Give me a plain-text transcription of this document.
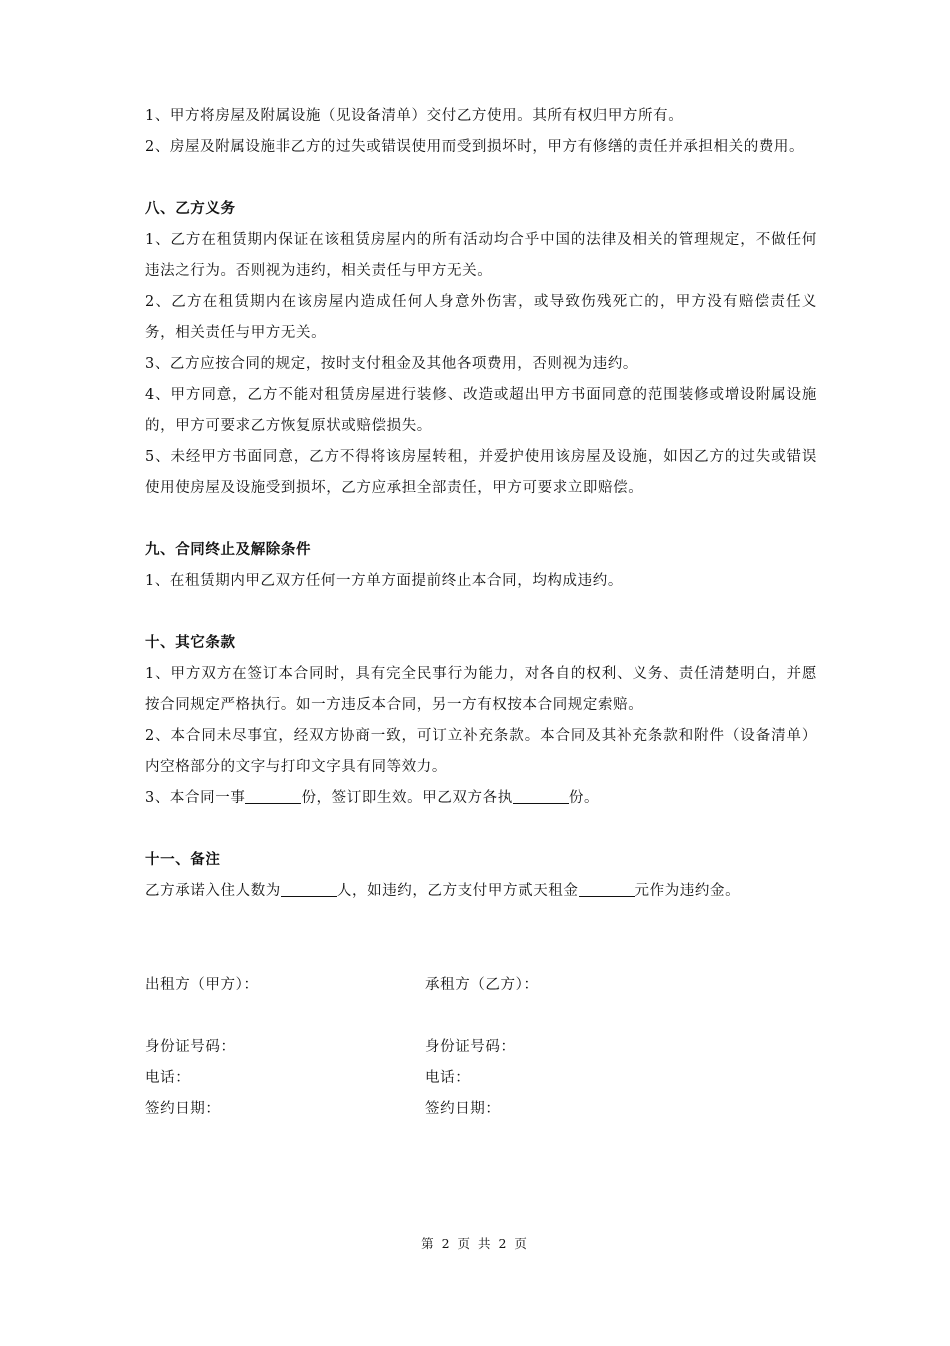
1、甲方将房屋及附属设施（见设备清单）交付乙方使用。其所有权归甲方所有。

2、房屋及附属设施非乙方的过失或错误使用而受到损坏时，甲方有修缮的责任并承担相关的费用。

八、乙方义务

1、乙方在租赁期内保证在该租赁房屋内的所有活动均合乎中国的法律及相关的管理规定，不做任何违法之行为。否则视为违约，相关责任与甲方无关。

2、乙方在租赁期内在该房屋内造成任何人身意外伤害，或导致伤残死亡的，甲方没有赔偿责任义务，相关责任与甲方无关。

3、乙方应按合同的规定，按时支付租金及其他各项费用，否则视为违约。

4、甲方同意，乙方不能对租赁房屋进行装修、改造或超出甲方书面同意的范围装修或增设附属设施的，甲方可要求乙方恢复原状或赔偿损失。

5、未经甲方书面同意，乙方不得将该房屋转租，并爱护使用该房屋及设施，如因乙方的过失或错误使用使房屋及设施受到损坏，乙方应承担全部责任，甲方可要求立即赔偿。

九、合同终止及解除条件

1、在租赁期内甲乙双方任何一方单方面提前终止本合同，均构成违约。

十、其它条款

1、甲方双方在签订本合同时，具有完全民事行为能力，对各自的权利、义务、责任清楚明白，并愿按合同规定严格执行。如一方违反本合同，另一方有权按本合同规定索赔。

2、本合同未尽事宜，经双方协商一致，可订立补充条款。本合同及其补充条款和附件（设备清单）内空格部分的文字与打印文字具有同等效力。

3、本合同一事	份，签订即生效。甲乙双方各执	份。

十一、备注

乙方承诺入住人数为	人，如违约，乙方支付甲方贰天租金	元作为违约金。

出租方（甲方）：	承租方（乙方）：
身份证号码：	身份证号码：
电话：	电话：
签约日期：	签约日期：
第 2 页 共 2 页
